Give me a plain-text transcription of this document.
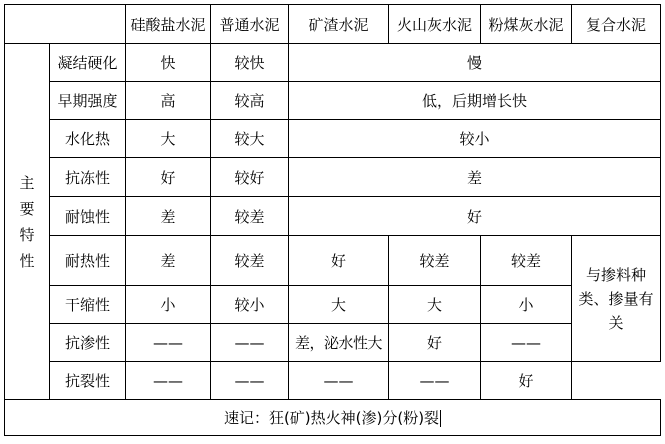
		硅酸盐水泥	普通水泥	矿渣水泥	火山灰水泥	粉煤灰水泥	复合水泥

主
要
特
性	凝结硬化	快	较快	慢			
	早期强度	高	较高	低，后期增长快			
	水化热	大	较大	较小			
	抗冻性	好	较好	差			
	耐蚀性	差	较差	好			
	耐热性	差	较差	好	较差	较差	与掺料种类、掺量有关
	干缩性	小	较小	大	大	小	
	抗渗性	——	——	差，泌水性大	好	——	
	抗裂性	——	——	——	——	好	
速记：狂(矿)热火神(渗)分(粉)裂							
